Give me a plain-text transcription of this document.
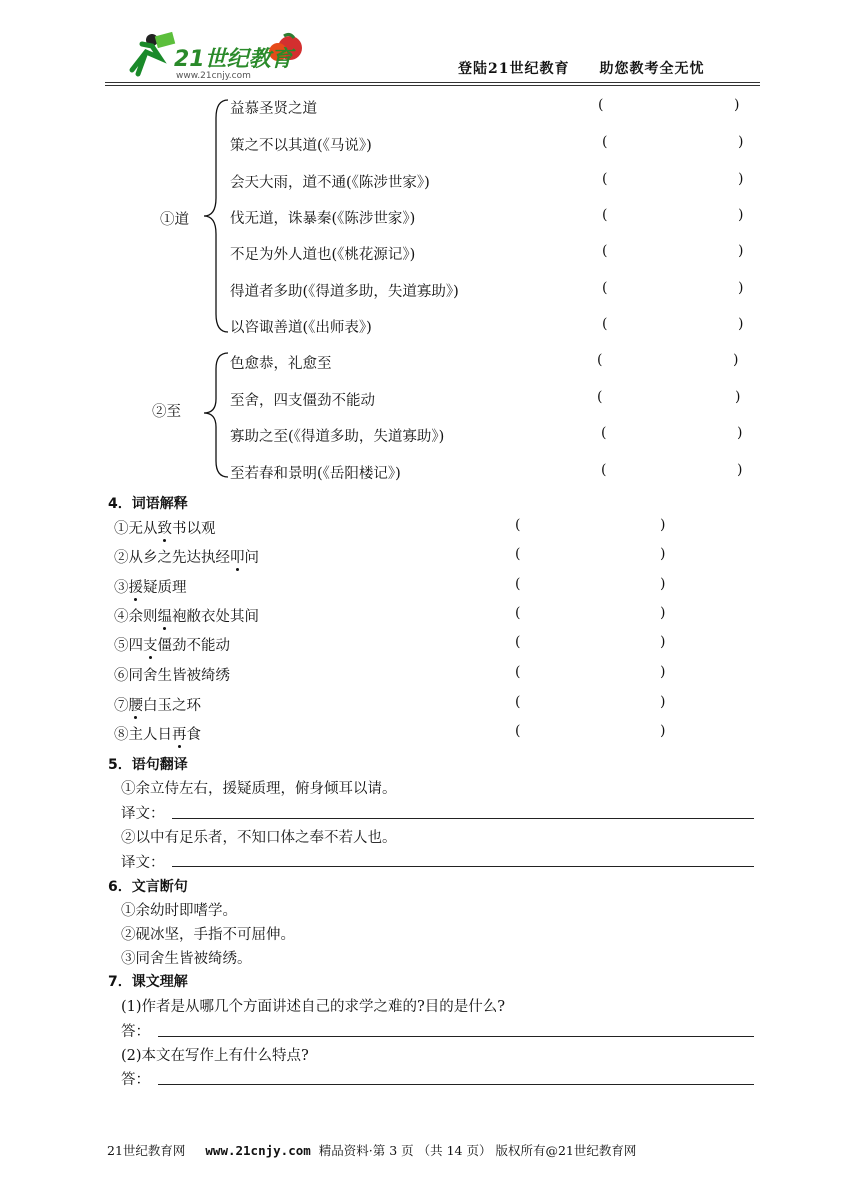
21世纪教育
www.21cnjy.com	登陆21世纪教育 助您教考全无忧
①道
益慕圣贤之道	(	)
策之不以其道(《马说》)	(	)
会天大雨，道不通(《陈涉世家》)	(	)
伐无道，诛暴秦(《陈涉世家》)	(	)
不足为外人道也(《桃花源记》)	(	)
得道者多助(《得道多助，失道寡助》)	(	)
以咨诹善道(《出师表》)	(	)
②至
色愈恭，礼愈至	(	)
至舍，四支僵劲不能动	(	)
寡助之至(《得道多助，失道寡助》)	(	)
至若春和景明(《岳阳楼记》)	(	)
4．词语解释
①无从致书以观	(	)
②从乡之先达执经叩问	(	)
③援疑质理	(	)
④余则缊袍敝衣处其间	(	)
⑤四支僵劲不能动	(	)
⑥同舍生皆被绮绣	(	)
⑦腰白玉之环	(	)
⑧主人日再食	(	)
5．语句翻译
①余立侍左右，援疑质理，俯身倾耳以请。
译文：
②以中有足乐者，不知口体之奉不若人也。
译文：
6．文言断句
①余幼时即嗜学。
②砚冰坚，手指不可屈伸。
③同舍生皆被绮绣。
7．课文理解
(1)作者是从哪几个方面讲述自己的求学之难的?目的是什么?
答：
(2)本文在写作上有什么特点?
答：
21世纪教育网 www.21cnjy.com 精品资料·第 3 页 （共 14 页） 版权所有@21世纪教育网
